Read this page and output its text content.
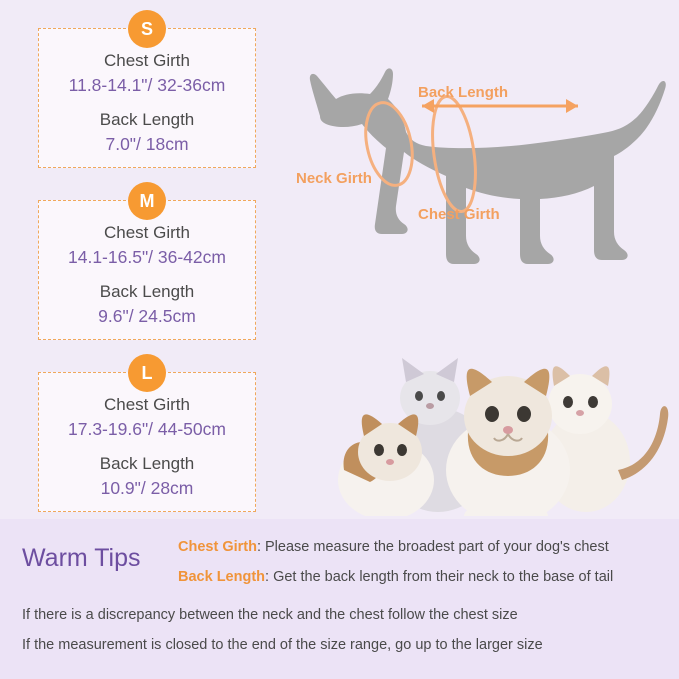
S
Chest Girth
11.8-14.1"/ 32-36cm
Back Length
7.0"/ 18cm
M
Chest Girth
14.1-16.5"/ 36-42cm
Back Length
9.6"/ 24.5cm
L
Chest Girth
17.3-19.6"/ 44-50cm
Back Length
10.9"/ 28cm
Back Length
Neck Girth
Chest Girth
Warm Tips	Chest Girth: Please measure the broadest part of your dog's chest
Back Length: Get the back length from their neck to the base of tail
If there is a discrepancy between the neck and the chest follow the chest size
If the measurement is closed to the end of the size range, go up to the larger size
